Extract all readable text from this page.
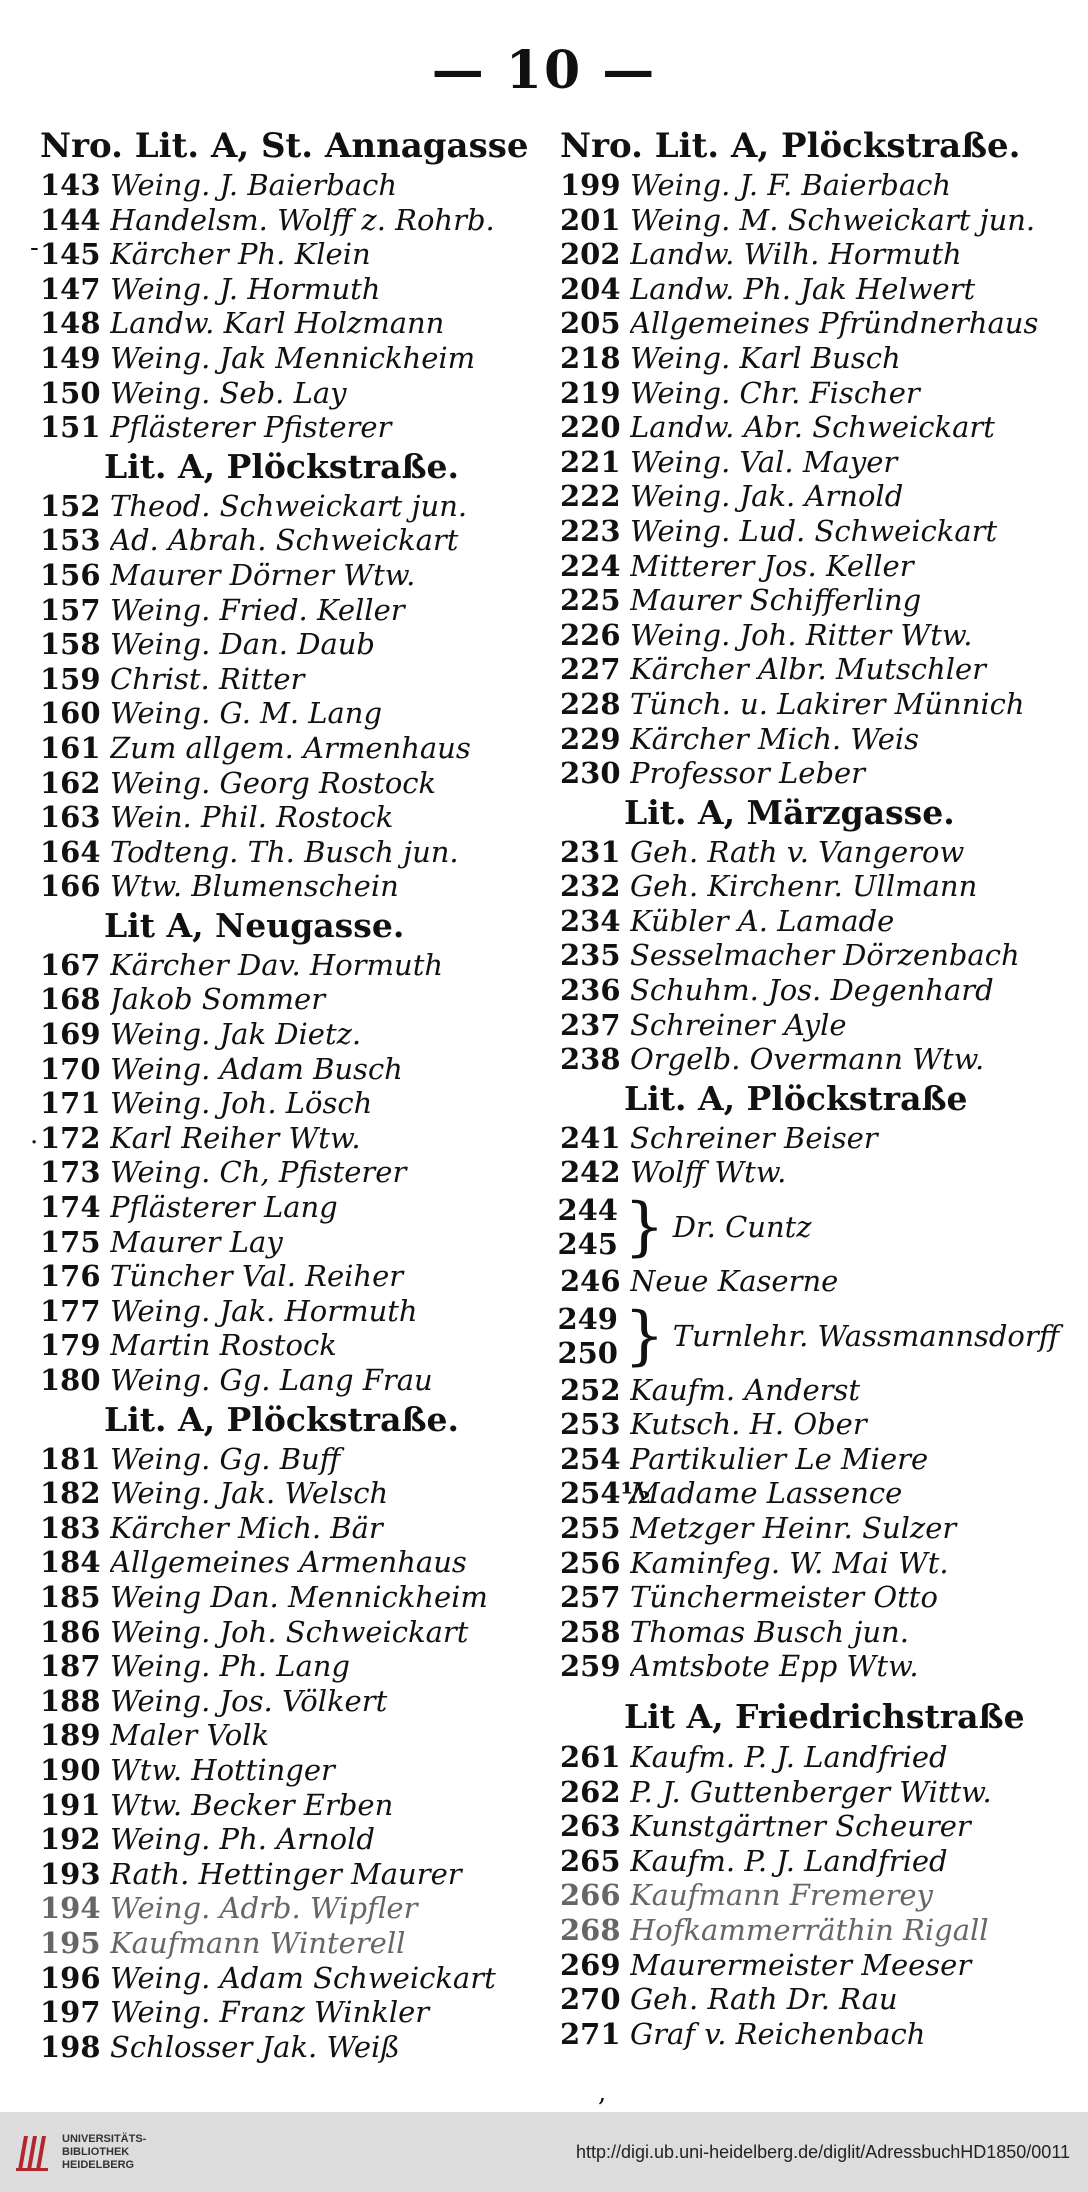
— 10 —
-
·
Nro. Lit. A, St. Annagasse
143 Weing. J. Baierbach
144 Handelsm. Wolff z. Rohrb.
145 Kärcher Ph. Klein
147 Weing. J. Hormuth
148 Landw. Karl Holzmann
149 Weing. Jak Mennickheim
150 Weing. Seb. Lay
151 Pflästerer Pfisterer
Lit. A, Plöckstraße.
152 Theod. Schweickart jun.
153 Ad. Abrah. Schweickart
156 Maurer Dörner Wtw.
157 Weing. Fried. Keller
158 Weing. Dan. Daub
159 Christ. Ritter
160 Weing. G. M. Lang
161 Zum allgem. Armenhaus
162 Weing. Georg Rostock
163 Wein. Phil. Rostock
164 Todteng. Th. Busch jun.
166 Wtw. Blumenschein
Lit A, Neugasse.
167 Kärcher Dav. Hormuth
168 Jakob Sommer
169 Weing. Jak Dietz.
170 Weing. Adam Busch
171 Weing. Joh. Lösch
172 Karl Reiher Wtw.
173 Weing. Ch, Pfisterer
174 Pflästerer Lang
175 Maurer Lay
176 Tüncher Val. Reiher
177 Weing. Jak. Hormuth
179 Martin Rostock
180 Weing. Gg. Lang Frau
Lit. A, Plöckstraße.
181 Weing. Gg. Buff
182 Weing. Jak. Welsch
183 Kärcher Mich. Bär
184 Allgemeines Armenhaus
185 Weing Dan. Mennickheim
186 Weing. Joh. Schweickart
187 Weing. Ph. Lang
188 Weing. Jos. Völkert
189 Maler Volk
190 Wtw. Hottinger
191 Wtw. Becker Erben
192 Weing. Ph. Arnold
193 Rath. Hettinger Maurer
194 Weing. Adrb. Wipfler
195 Kaufmann Winterell
196 Weing. Adam Schweickart
197 Weing. Franz Winkler
198 Schlosser Jak. Weiß
Nro. Lit. A, Plöckstraße.
199 Weing. J. F. Baierbach
201 Weing. M. Schweickart jun.
202 Landw. Wilh. Hormuth
204 Landw. Ph. Jak Helwert
205 Allgemeines Pfründnerhaus
218 Weing. Karl Busch
219 Weing. Chr. Fischer
220 Landw. Abr. Schweickart
221 Weing. Val. Mayer
222 Weing. Jak. Arnold
223 Weing. Lud. Schweickart
224 Mitterer Jos. Keller
225 Maurer Schifferling
226 Weing. Joh. Ritter Wtw.
227 Kärcher Albr. Mutschler
228 Tünch. u. Lakirer Münnich
229 Kärcher Mich. Weis
230 Professor Leber
Lit. A, Märzgasse.
231 Geh. Rath v. Vangerow
232 Geh. Kirchenr. Ullmann
234 Kübler A. Lamade
235 Sesselmacher Dörzenbach
236 Schuhm. Jos. Degenhard
237 Schreiner Ayle
238 Orgelb. Overmann Wtw.
Lit. A, Plöckstraße
241 Schreiner Beiser
242 Wolff Wtw.
244
245 } Dr. Cuntz
246 Neue Kaserne
249
250 } Turnlehr. Wassmannsdorff
252 Kaufm. Anderst
253 Kutsch. H. Ober
254 Partikulier Le Miere
254½
Madame Lassence
255 Metzger Heinr. Sulzer
256 Kaminfeg. W. Mai Wt.
257 Tünchermeister Otto
258 Thomas Busch jun.
259 Amtsbote Epp Wtw.
Lit A, Friedrichstraße
261 Kaufm. P. J. Landfried
262 P. J. Guttenberger Wittw.
263 Kunstgärtner Scheurer
265 Kaufm. P. J. Landfried
266 Kaufmann Fremerey
268 Hofkammerräthin Rigall
269 Maurermeister Meeser
270 Geh. Rath Dr. Rau
271 Graf v. Reichenbach
,
UNIVERSITÄTS-
BIBLIOTHEK
HEIDELBERG
http://digi.ub.uni-heidelberg.de/diglit/AdressbuchHD1850/0011
